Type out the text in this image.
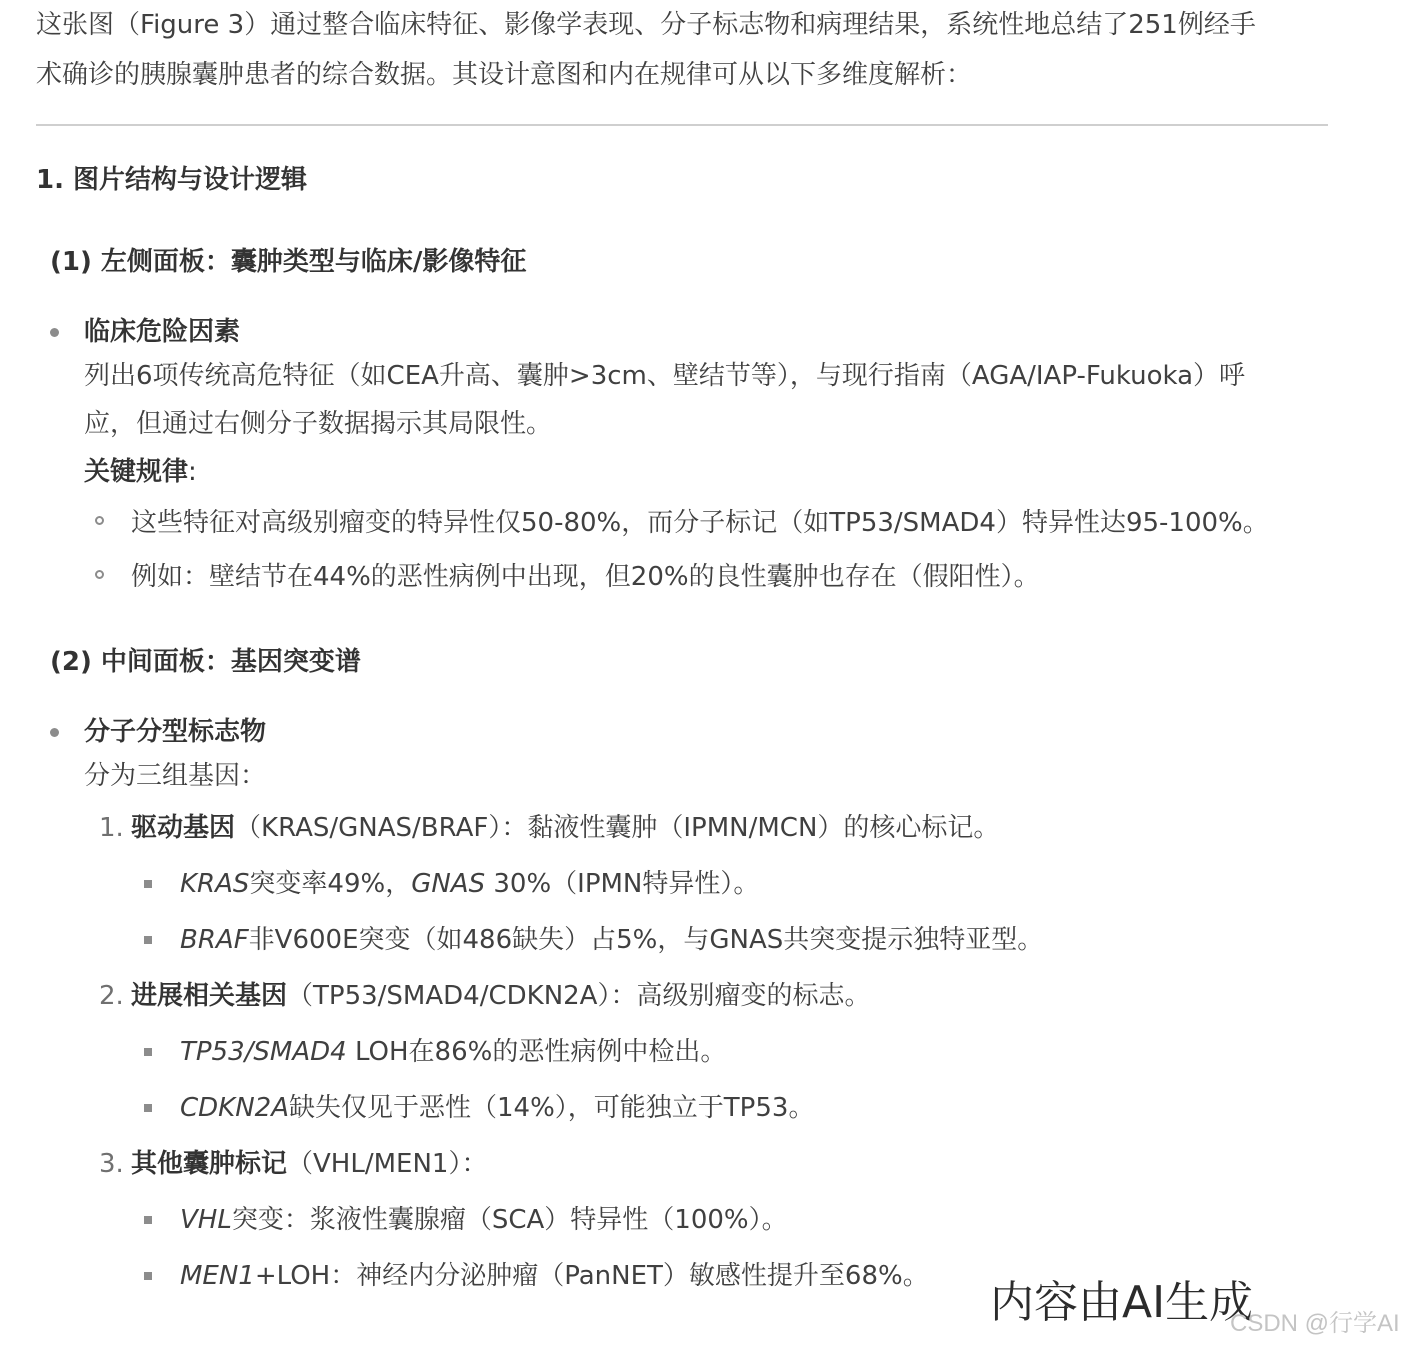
这张图（Figure 3）通过整合临床特征、影像学表现、分子标志物和病理结果，系统性地总结了251例经手

术确诊的胰腺囊肿患者的综合数据。其设计意图和内在规律可从以下多维度解析：

1. 图片结构与设计逻辑
(1) 左侧面板：囊肿类型与临床/影像特征
临床危险因素
列出6项传统高危特征（如CEA升高、囊肿>3cm、壁结节等），与现行指南（AGA/IAP-Fukuoka）呼
应，但通过右侧分子数据揭示其局限性。
关键规律:
这些特征对高级别瘤变的特异性仅50-80%，而分子标记（如TP53/SMAD4）特异性达95-100%。
例如：壁结节在44%的恶性病例中出现，但20%的良性囊肿也存在（假阳性）。
(2) 中间面板：基因突变谱
分子分型标志物
分为三组基因：
1. 驱动基因（KRAS/GNAS/BRAF）：黏液性囊肿（IPMN/MCN）的核心标记。
KRAS突变率49%，GNAS 30%（IPMN特异性）。
BRAF非V600E突变（如486缺失）占5%，与GNAS共突变提示独特亚型。
2. 进展相关基因（TP53/SMAD4/CDKN2A）：高级别瘤变的标志。
TP53/SMAD4 LOH在86%的恶性病例中检出。
CDKN2A缺失仅见于恶性（14%），可能独立于TP53。
3. 其他囊肿标记（VHL/MEN1）：
VHL突变：浆液性囊腺瘤（SCA）特异性（100%）。
MEN1+LOH：神经内分泌肿瘤（PanNET）敏感性提升至68%。
内容由AI生成
CSDN @行学AI
